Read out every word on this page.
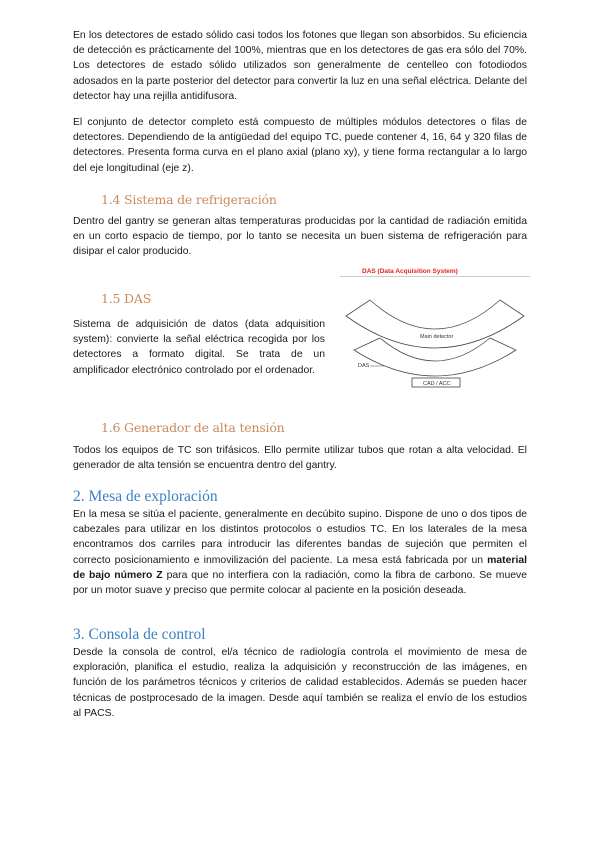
En los detectores de estado sólido casi todos los fotones que llegan son absorbidos. Su eficiencia de detección es prácticamente del 100%, mientras que en los detectores de gas era sólo del 70%. Los detectores de estado sólido utilizados son generalmente de centelleo con fotodiodos adosados en la parte posterior del detector para convertir la luz en una señal eléctrica. Delante del detector hay una rejilla antidifusora.

El conjunto de detector completo está compuesto de múltiples módulos detectores o filas de detectores. Dependiendo de la antigüedad del equipo TC, puede contener 4, 16, 64 y 320 filas de detectores. Presenta forma curva en el plano axial (plano xy), y tiene forma rectangular a lo largo del eje longitudinal (eje z).

1.4 Sistema de refrigeración

Dentro del gantry se generan altas temperaturas producidas por la cantidad de radiación emitida en un corto espacio de tiempo, por lo tanto se necesita un buen sistema de refrigeración para disipar el calor producido.

1.5 DAS

Sistema de adquisición de datos (data adquisition system): convierte la señal eléctrica recogida por los detectores a formato digital. Se trata de un amplificador electrónico controlado por el ordenador.

DAS (Data Acquisition System)
Main detector
DAS
CAD / ACC
1.6 Generador de alta tensión

Todos los equipos de TC son trifásicos. Ello permite utilizar tubos que rotan a alta velocidad. El generador de alta tensión se encuentra dentro del gantry.

2. Mesa de exploración

En la mesa se sitúa el paciente, generalmente en decúbito supino. Dispone de uno o dos tipos de cabezales para utilizar en los distintos protocolos o estudios TC. En los laterales de la mesa encontramos dos carriles para introducir las diferentes bandas de sujeción que permiten el correcto posicionamiento e inmovilización del paciente. La mesa está fabricada por un material de bajo número Z para que no interfiera con la radiación, como la fibra de carbono. Se mueve por un motor suave y preciso que permite colocar al paciente en la posición deseada.

3. Consola de control

Desde la consola de control, el/a técnico de radiología controla el movimiento de mesa de exploración, planifica el estudio, realiza la adquisición y reconstrucción de las imágenes, en función de los parámetros técnicos y criterios de calidad establecidos. Además se pueden hacer técnicas de postprocesado de la imagen. Desde aquí también se realiza el envío de los estudios al PACS.
